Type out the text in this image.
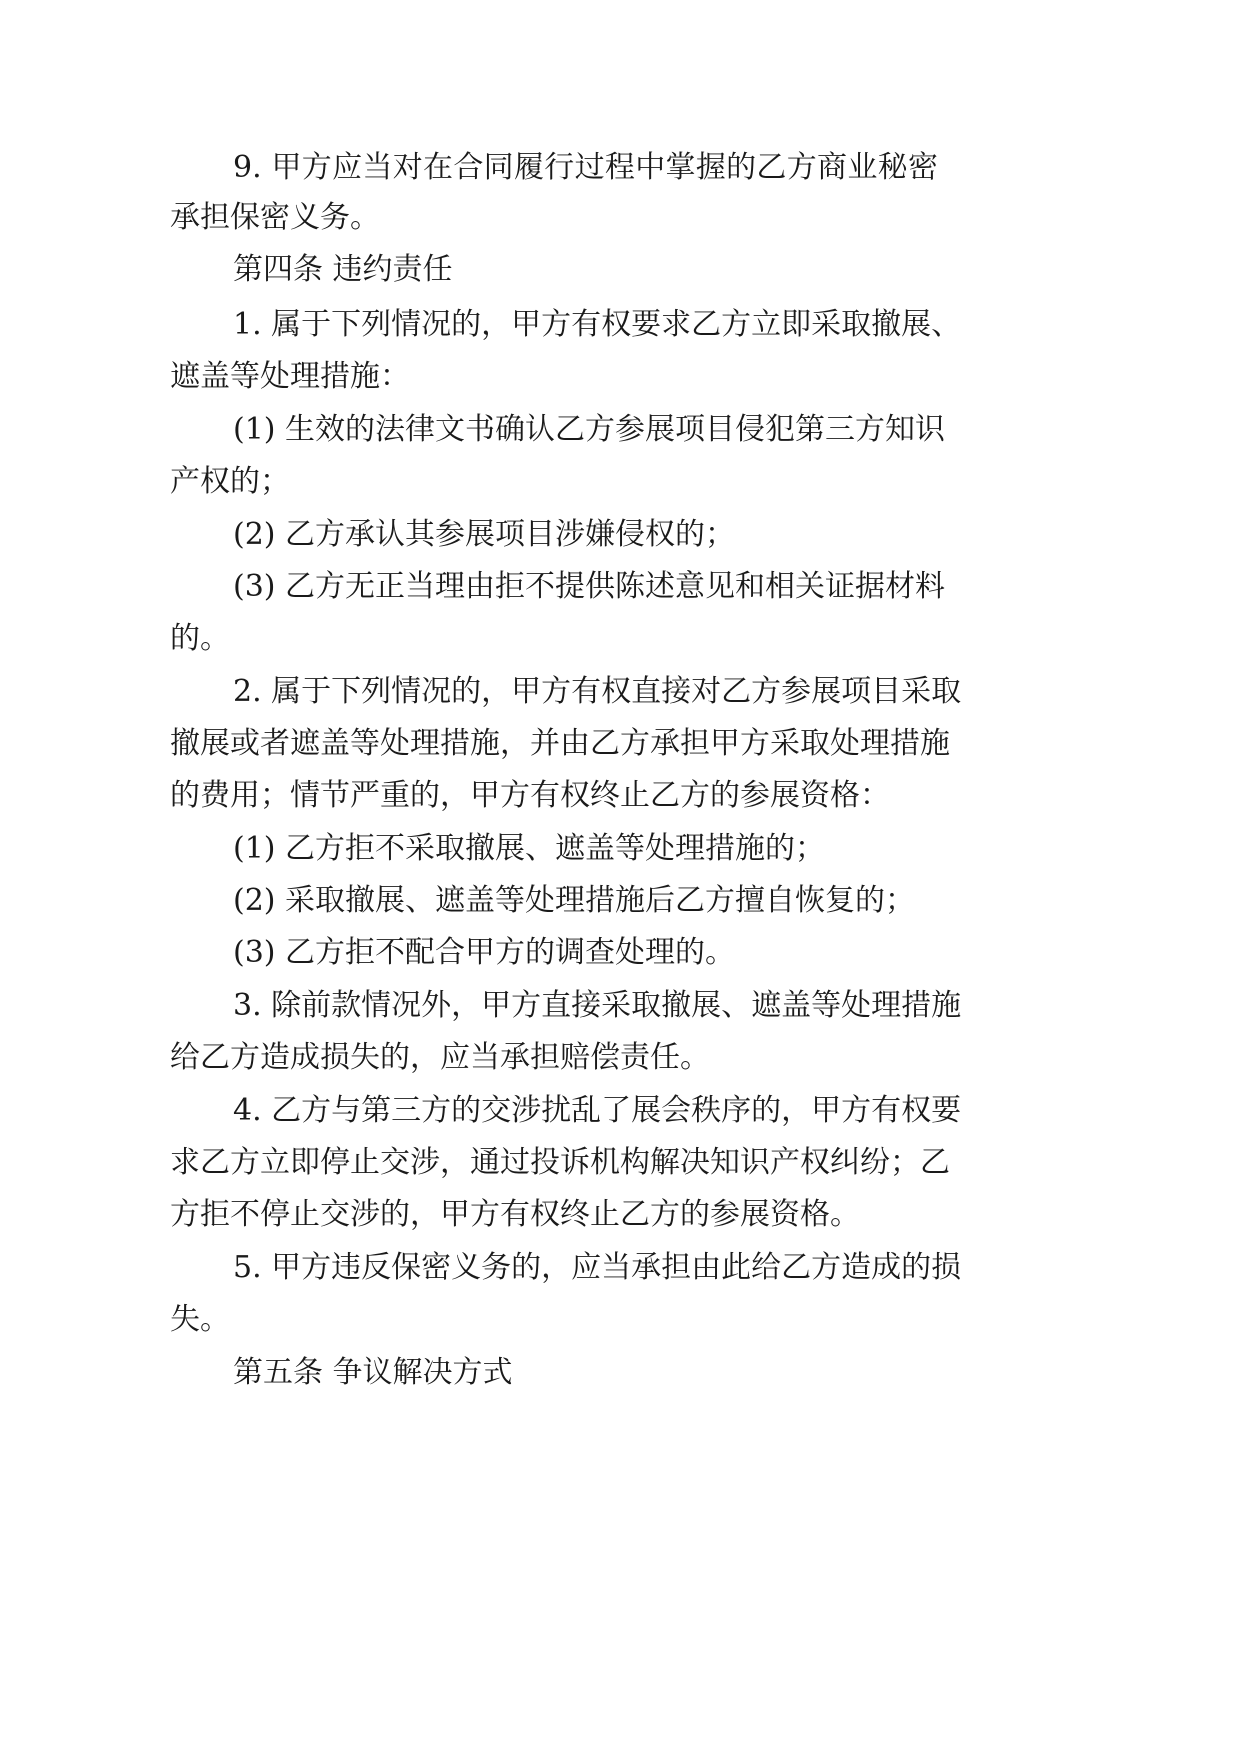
9. 甲方应当对在合同履行过程中掌握的乙方商业秘密

承担保密义务。

第四条 违约责任

1. 属于下列情况的，甲方有权要求乙方立即采取撤展、

遮盖等处理措施：

(1) 生效的法律文书确认乙方参展项目侵犯第三方知识

产权的；

(2) 乙方承认其参展项目涉嫌侵权的；

(3) 乙方无正当理由拒不提供陈述意见和相关证据材料

的。

2. 属于下列情况的，甲方有权直接对乙方参展项目采取

撤展或者遮盖等处理措施，并由乙方承担甲方采取处理措施

的费用；情节严重的，甲方有权终止乙方的参展资格：

(1) 乙方拒不采取撤展、遮盖等处理措施的；

(2) 采取撤展、遮盖等处理措施后乙方擅自恢复的；

(3) 乙方拒不配合甲方的调查处理的。

3. 除前款情况外，甲方直接采取撤展、遮盖等处理措施

给乙方造成损失的，应当承担赔偿责任。

4. 乙方与第三方的交涉扰乱了展会秩序的，甲方有权要

求乙方立即停止交涉，通过投诉机构解决知识产权纠纷；乙

方拒不停止交涉的，甲方有权终止乙方的参展资格。

5. 甲方违反保密义务的，应当承担由此给乙方造成的损

失。

第五条 争议解决方式
